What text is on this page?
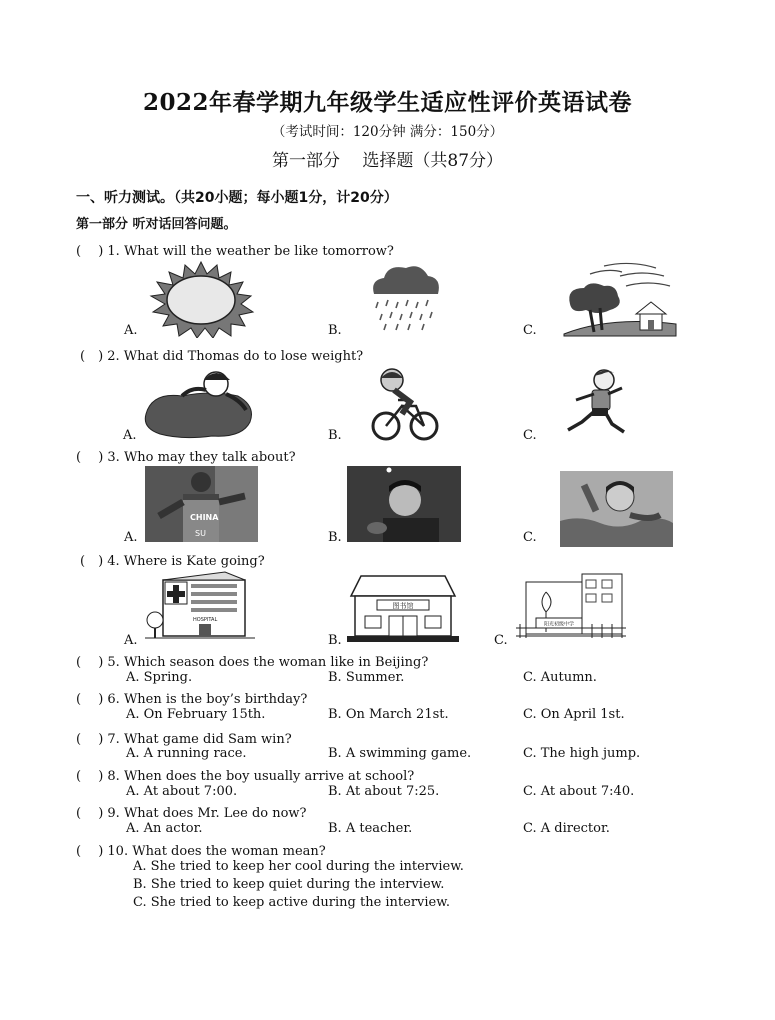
2022年春学期九年级学生适应性评价英语试卷
（考试时间：120分钟 满分：150分）
第一部分　 选择题（共87分）
一、听力测试。（共20小题；每小题1分，计20分）
第一部分 听对话回答问题。
(　 ) 1. What will the weather be like tomorrow?
A.	B.	C.
(　) 2. What did Thomas do to lose weight?
A.	B.	C.
(　 ) 3. Who may they talk about?
CHINA
SU
A.	B.	C.
(　) 4. Where is Kate going?
HOSPITAL
A.
图书馆
B.
阳光初级中学
C.
(　 ) 5. Which season does the woman like in Beijing?
A. Spring.	B. Summer.	C. Autumn.
(　 ) 6. When is the boy’s birthday?
A. On February 15th.	B. On March 21st.	C. On April 1st.
(　 ) 7. What game did Sam win?
A. A running race.	B. A swimming game.	C. The high jump.
(　 ) 8. When does the boy usually arrive at school?
A. At about 7:00.	B. At about 7:25.	C. At about 7:40.
(　 ) 9. What does Mr. Lee do now?
A. An actor.	B. A teacher.	C. A director.
(　 ) 10. What does the woman mean?
A. She tried to keep her cool during the interview.
B. She tried to keep quiet during the interview.
C. She tried to keep active during the interview.
